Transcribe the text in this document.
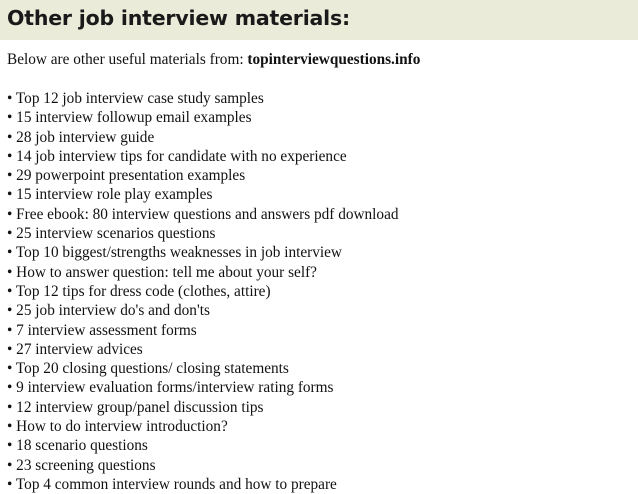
Other job interview materials:

Below are other useful materials from: topinterviewquestions.info

• Top 12 job interview case study samples
• 15 interview followup email examples
• 28 job interview guide
• 14 job interview tips for candidate with no experience
• 29 powerpoint presentation examples
• 15 interview role play examples
• Free ebook: 80 interview questions and answers pdf download
• 25 interview scenarios questions
• Top 10 biggest/strengths weaknesses in job interview
• How to answer question: tell me about your self?
• Top 12 tips for dress code (clothes, attire)
• 25 job interview do's and don'ts
• 7 interview assessment forms
• 27 interview advices
• Top 20 closing questions/ closing statements
• 9 interview evaluation forms/interview rating forms
• 12 interview group/panel discussion tips
• How to do interview introduction?
• 18 scenario questions
• 23 screening questions
• Top 4 common interview rounds and how to prepare
